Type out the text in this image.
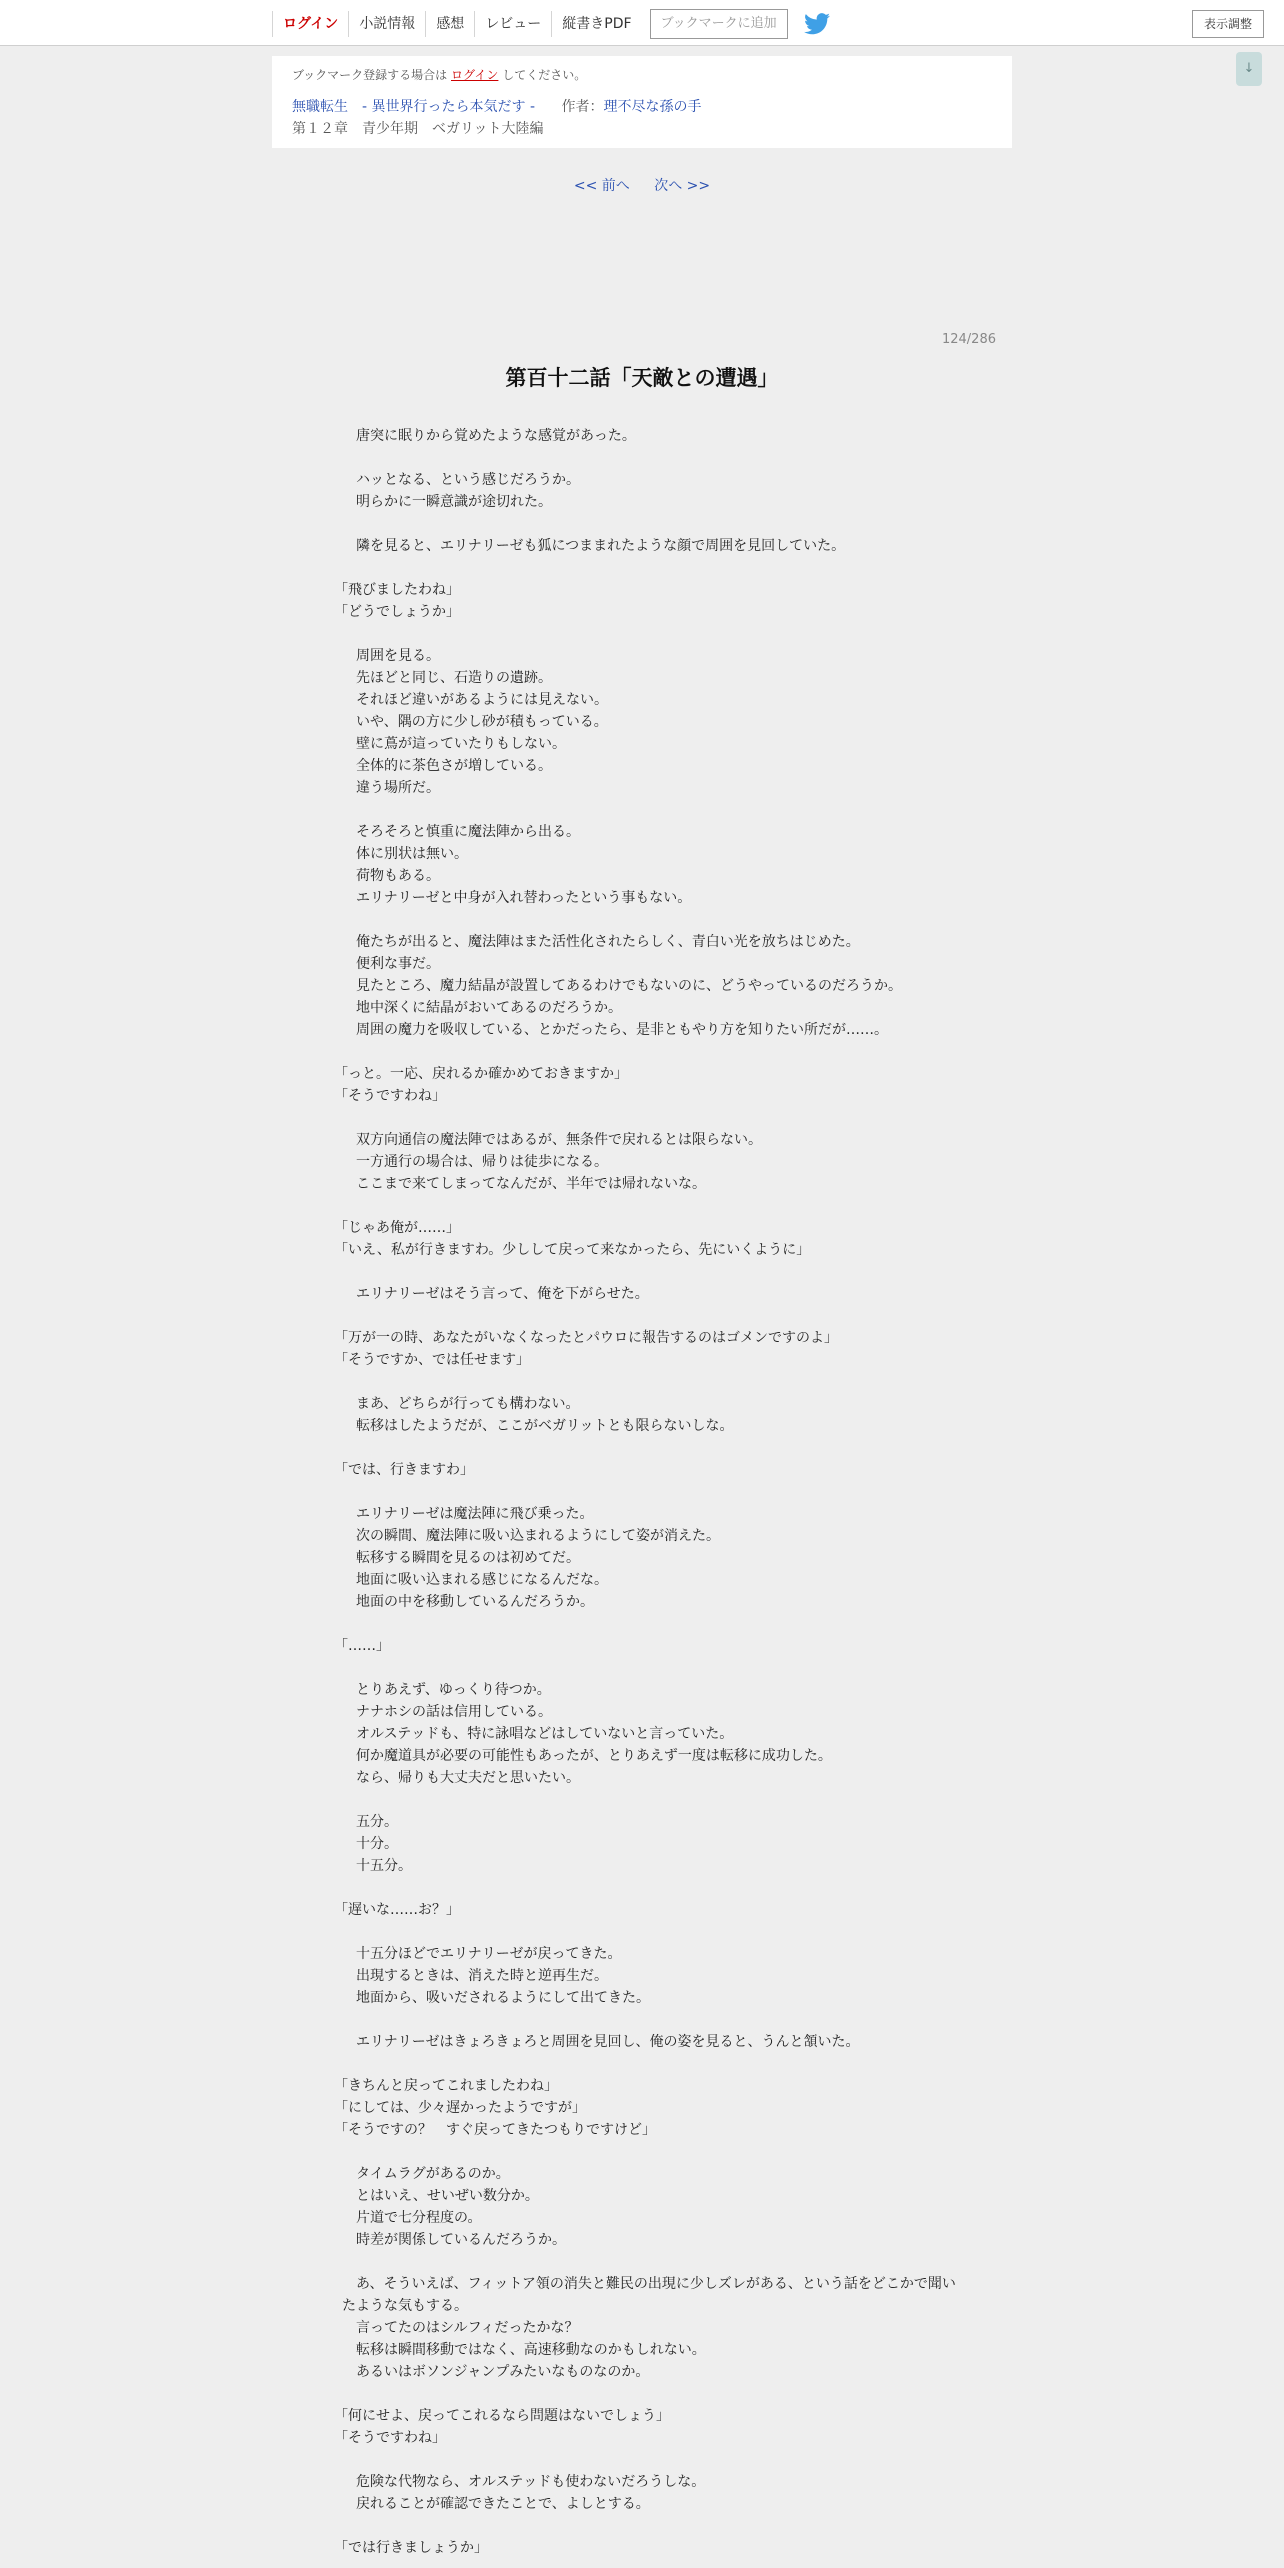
ログイン	小説情報	感想	レビュー	縦書きPDF	ブックマークに追加	表示調整
↓
ブックマーク登録する場合は ログイン してください。
無職転生　- 異世界行ったら本気だす - 作者：理不尽な孫の手
第１２章　青少年期　ベガリット大陸編
<< 前へ 次へ >>
124/286
第百十二話「天敵との遭遇」

　唐突に眠りから覚めたような感覚があった。

　ハッとなる、という感じだろうか。

　明らかに一瞬意識が途切れた。

　隣を見ると、エリナリーゼも狐につままれたような顔で周囲を見回していた。

「飛びましたわね」

「どうでしょうか」

　周囲を見る。

　先ほどと同じ、石造りの遺跡。

　それほど違いがあるようには見えない。

　いや、隅の方に少し砂が積もっている。

　壁に蔦が這っていたりもしない。

　全体的に茶色さが増している。

　違う場所だ。

　そろそろと慎重に魔法陣から出る。

　体に別状は無い。

　荷物もある。

　エリナリーゼと中身が入れ替わったという事もない。

　俺たちが出ると、魔法陣はまた活性化されたらしく、青白い光を放ちはじめた。

　便利な事だ。

　見たところ、魔力結晶が設置してあるわけでもないのに、どうやっているのだろうか。

　地中深くに結晶がおいてあるのだろうか。

　周囲の魔力を吸収している、とかだったら、是非ともやり方を知りたい所だが……。

「っと。一応、戻れるか確かめておきますか」

「そうですわね」

　双方向通信の魔法陣ではあるが、無条件で戻れるとは限らない。

　一方通行の場合は、帰りは徒歩になる。

　ここまで来てしまってなんだが、半年では帰れないな。

「じゃあ俺が……」

「いえ、私が行きますわ。少しして戻って来なかったら、先にいくように」

　エリナリーゼはそう言って、俺を下がらせた。

「万が一の時、あなたがいなくなったとパウロに報告するのはゴメンですのよ」

「そうですか、では任せます」

　まあ、どちらが行っても構わない。

　転移はしたようだが、ここがベガリットとも限らないしな。

「では、行きますわ」

　エリナリーゼは魔法陣に飛び乗った。

　次の瞬間、魔法陣に吸い込まれるようにして姿が消えた。

　転移する瞬間を見るのは初めてだ。

　地面に吸い込まれる感じになるんだな。

　地面の中を移動しているんだろうか。

「……」

　とりあえず、ゆっくり待つか。

　ナナホシの話は信用している。

　オルステッドも、特に詠唱などはしていないと言っていた。

　何か魔道具が必要の可能性もあったが、とりあえず一度は転移に成功した。

　なら、帰りも大丈夫だと思いたい。

　五分。

　十分。

　十五分。

「遅いな……お？」

　十五分ほどでエリナリーゼが戻ってきた。

　出現するときは、消えた時と逆再生だ。

　地面から、吸いだされるようにして出てきた。

　エリナリーゼはきょろきょろと周囲を見回し、俺の姿を見ると、うんと頷いた。

「きちんと戻ってこれましたわね」

「にしては、少々遅かったようですが」

「そうですの？　すぐ戻ってきたつもりですけど」

　タイムラグがあるのか。

　とはいえ、せいぜい数分か。

　片道で七分程度の。

　時差が関係しているんだろうか。

　あ、そういえば、フィットア領の消失と難民の出現に少しズレがある、という話をどこかで聞いたような気もする。

　言ってたのはシルフィだったかな？

　転移は瞬間移動ではなく、高速移動なのかもしれない。

　あるいはボソンジャンプみたいなものなのか。

「何にせよ、戻ってこれるなら問題はないでしょう」

「そうですわね」

　危険な代物なら、オルステッドも使わないだろうしな。

　戻れることが確認できたことで、よしとする。

「では行きましょうか」
